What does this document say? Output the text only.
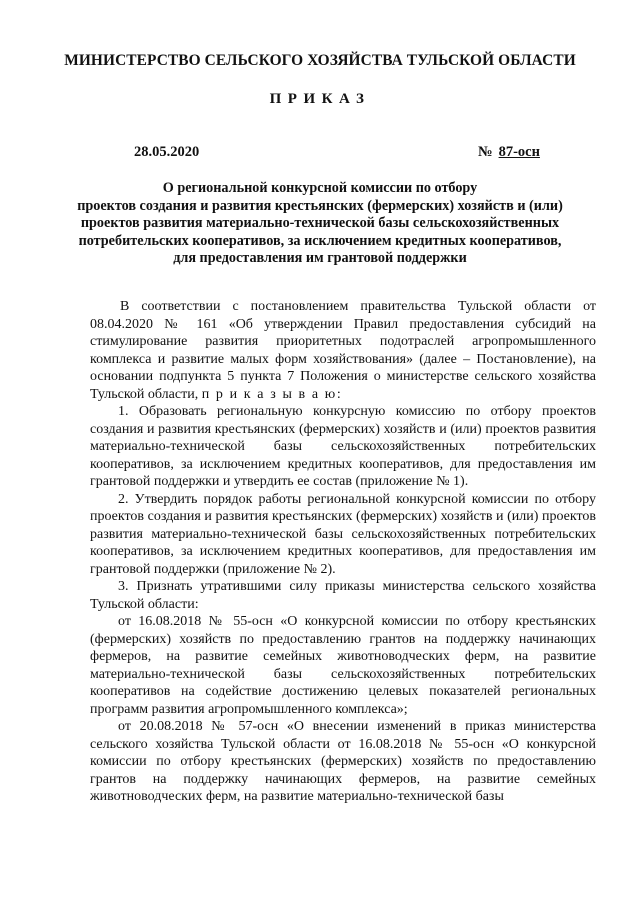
МИНИСТЕРСТВО СЕЛЬСКОГО ХОЗЯЙСТВА ТУЛЬСКОЙ ОБЛАСТИ
ПРИКАЗ
28.05.2020	№ 87-осн
О региональной конкурсной комиссии по отбору
проектов создания и развития крестьянских (фермерских) хозяйств и (или)
проектов развития материально-технической базы сельскохозяйственных
потребительских кооперативов, за исключением кредитных кооперативов,
для предоставления им грантовой поддержки

В соответствии с постановлением правительства Тульской области от 08.04.2020 № 161 «Об утверждении Правил предоставления субсидий на стимулирование развития приоритетных подотраслей агропромышленного комплекса и развитие малых форм хозяйствования» (далее – Постановление), на основании подпункта 5 пункта 7 Положения о министерстве сельского хозяйства Тульской области, п р и к а з ы в а ю:

1. Образовать региональную конкурсную комиссию по отбору проектов создания и развития крестьянских (фермерских) хозяйств и (или) проектов развития материально-технической базы сельскохозяйственных потребительских кооперативов, за исключением кредитных кооперативов, для предоставления им грантовой поддержки и утвердить ее состав (приложение № 1).

2. Утвердить порядок работы региональной конкурсной комиссии по отбору проектов создания и развития крестьянских (фермерских) хозяйств и (или) проектов развития материально-технической базы сельскохозяйственных потребительских кооперативов, за исключением кредитных кооперативов, для предоставления им грантовой поддержки (приложение № 2).

3. Признать утратившими силу приказы министерства сельского хозяйства Тульской области:

от 16.08.2018 № 55-осн «О конкурсной комиссии по отбору крестьянских (фермерских) хозяйств по предоставлению грантов на поддержку начинающих фермеров, на развитие семейных животноводческих ферм, на развитие материально-технической базы сельскохозяйственных потребительских кооперативов на содействие достижению целевых показателей региональных программ развития агропромышленного комплекса»;

от 20.08.2018 № 57-осн «О внесении изменений в приказ министерства сельского хозяйства Тульской области от 16.08.2018 № 55-осн «О конкурсной комиссии по отбору крестьянских (фермерских) хозяйств по предоставлению грантов на поддержку начинающих фермеров, на развитие семейных животноводческих ферм, на развитие материально-технической базы
